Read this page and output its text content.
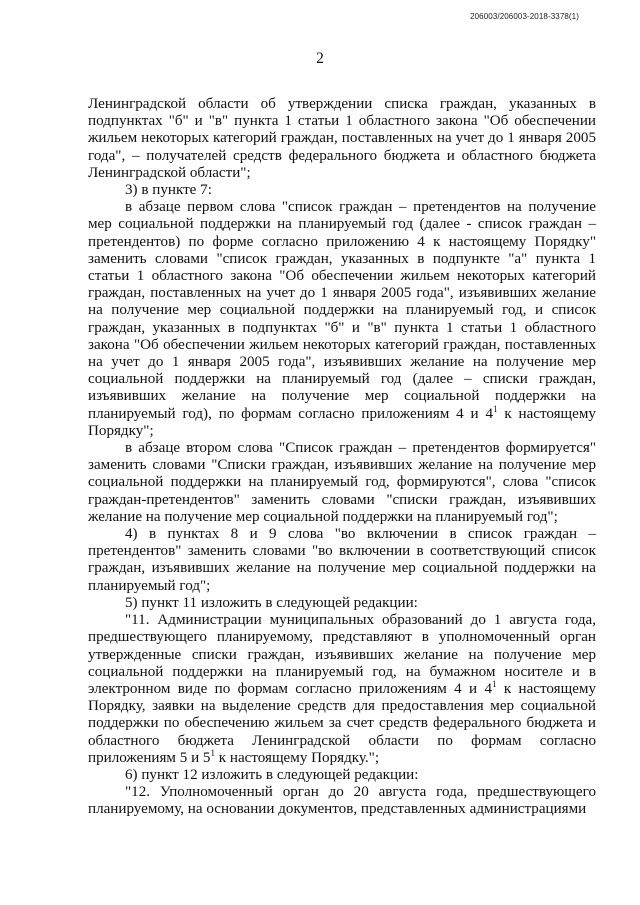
206003/206003-2018-3378(1)
2

Ленинградской области об утверждении списка граждан, указанных в подпунктах "б" и "в" пункта 1 статьи 1 областного закона "Об обеспечении жильем некоторых категорий граждан, поставленных на учет до 1 января 2005 года", – получателей средств федерального бюджета и областного бюджета Ленинградской области";

3) в пункте 7:

в абзаце первом слова "список граждан – претендентов на получение мер социальной поддержки на планируемый год (далее - список граждан – претендентов) по форме согласно приложению 4 к настоящему Порядку" заменить словами "список граждан, указанных в подпункте "а" пункта 1 статьи 1 областного закона "Об обеспечении жильем некоторых категорий граждан, поставленных на учет до 1 января 2005 года", изъявивших желание на получение мер социальной поддержки на планируемый год, и список граждан, указанных в подпунктах "б" и "в" пункта 1 статьи 1 областного закона "Об обеспечении жильем некоторых категорий граждан, поставленных на учет до 1 января 2005 года", изъявивших желание на получение мер социальной поддержки на планируемый год (далее – списки граждан, изъявивших желание на получение мер социальной поддержки на планируемый год), по формам согласно приложениям 4 и $4^1$ к настоящему Порядку";

в абзаце втором слова "Список граждан – претендентов формируется" заменить словами "Списки граждан, изъявивших желание на получение мер социальной поддержки на планируемый год, формируются", слова "список граждан-претендентов" заменить словами "списки граждан, изъявивших желание на получение мер социальной поддержки на планируемый год";

4) в пунктах 8 и 9 слова "во включении в список граждан – претендентов" заменить словами "во включении в соответствующий список граждан, изъявивших желание на получение мер социальной поддержки на планируемый год";

5) пункт 11 изложить в следующей редакции:

"11. Администрации муниципальных образований до 1 августа года, предшествующего планируемому, представляют в уполномоченный орган утвержденные списки граждан, изъявивших желание на получение мер социальной поддержки на планируемый год, на бумажном носителе и в электронном виде по формам согласно приложениям 4 и $4^1$ к настоящему Порядку, заявки на выделение средств для предоставления мер социальной поддержки по обеспечению жильем за счет средств федерального бюджета и областного бюджета Ленинградской области по формам согласно приложениям 5 и $5^1$ к настоящему Порядку.";

6) пункт 12 изложить в следующей редакции:

"12. Уполномоченный орган до 20 августа года, предшествующего планируемому, на основании документов, представленных администрациями
